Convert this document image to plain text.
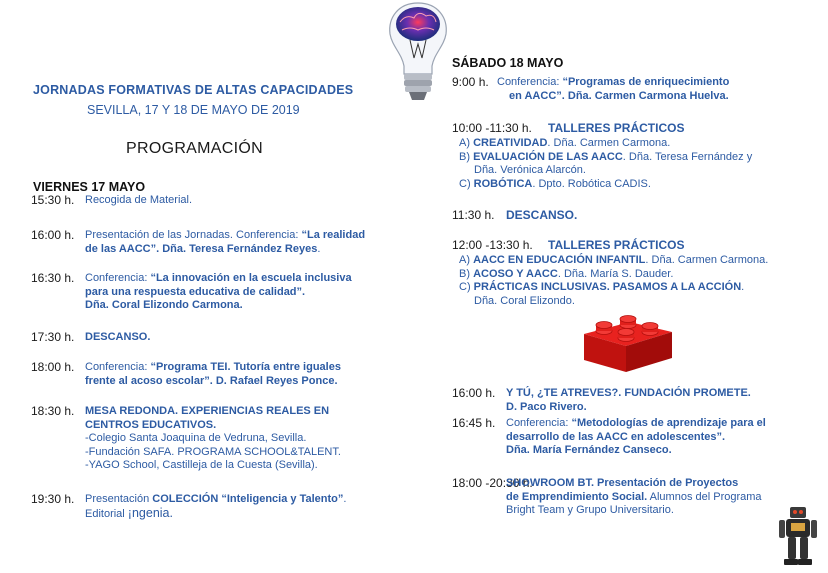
JORNADAS FORMATIVAS DE ALTAS CAPACIDADES
SEVILLA, 17 Y 18 DE MAYO DE 2019
PROGRAMACIÓN
VIERNES 17 MAYO
15:30 h. Recogida de Material.
16:00 h. Presentación de las Jornadas. Conferencia: “La realidad
de las AACC”. Dña. Teresa Fernández Reyes.
16:30 h. Conferencia: “La innovación en la escuela inclusiva
para una respuesta educativa de calidad”.
Dña. Coral Elizondo Carmona.
17:30 h. DESCANSO.
18:00 h. Conferencia: “Programa TEI. Tutoría entre iguales
frente al acoso escolar”. D. Rafael Reyes Ponce.
18:30 h. MESA REDONDA. EXPERIENCIAS REALES EN
CENTROS EDUCATIVOS.
-Colegio Santa Joaquina de Vedruna, Sevilla.
-Fundación SAFA. PROGRAMA SCHOOL&TALENT.
-YAGO School, Castilleja de la Cuesta (Sevilla).
19:30 h. Presentación COLECCIÓN “Inteligencia y Talento”.
Editorial ¡ngenia.
SÁBADO 18 MAYO
9:00 h. Conferencia: “Programas de enriquecimiento
en AACC”. Dña. Carmen Carmona Huelva.
10:00 -11:30 h. TALLERES PRÁCTICOS
A) CREATIVIDAD. Dña. Carmen Carmona.
B) EVALUACIÓN DE LAS AACC. Dña. Teresa Fernández y
Dña. Verónica Alarcón.
C) ROBÓTICA. Dpto. Robótica CADIS.
11:30 h. DESCANSO.
12:00 -13:30 h. TALLERES PRÁCTICOS
A) AACC EN EDUCACIÓN INFANTIL. Dña. Carmen Carmona.
B) ACOSO Y AACC. Dña. María S. Dauder.
C) PRÁCTICAS INCLUSIVAS. PASAMOS A LA ACCIÓN.
Dña. Coral Elizondo.
16:00 h. Y TÚ, ¿TE ATREVES?. FUNDACIÓN PROMETE.
D. Paco Rivero.
16:45 h. Conferencia: “Metodologías de aprendizaje para el
desarrollo de las AACC en adolescentes”.
Dña. María Fernández Canseco.
18:00 -20:30 h.
SHOWROOM BT. Presentación de Proyectos
de Emprendimiento Social. Alumnos del Programa
Bright Team y Grupo Universitario.
